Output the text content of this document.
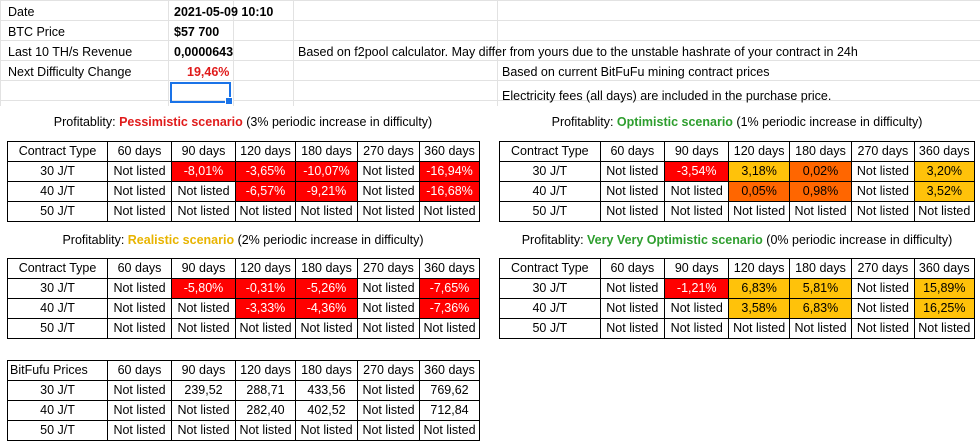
Date	2021-05-09 10:10
BTC Price	$57 700
Last 10 TH/s Revenue	0,0000643	Based on f2pool calculator. May differ from yours due to the unstable hashrate of your contract in 24h
Next Difficulty Change	19,46%	Based on current BitFuFu mining contract prices
Electricity fees (all days) are included in the purchase price.
Profitablity: Pessimistic scenario (3% periodic increase in difficulty)	Profitablity: Optimistic scenario (1% periodic increase in difficulty)
Profitablity: Realistic scenario (2% periodic increase in difficulty)	Profitablity: Very Very Optimistic scenario (0% periodic increase in difficulty)
Contract Type	60 days	90 days	120 days	180 days	270 days	360 days
30 J/T	Not listed	-8,01%	-3,65%	-10,07%	Not listed	-16,94%
40 J/T	Not listed	Not listed	-6,57%	-9,21%	Not listed	-16,68%
50 J/T	Not listed	Not listed	Not listed	Not listed	Not listed	Not listed
Contract Type	60 days	90 days	120 days	180 days	270 days	360 days
30 J/T	Not listed	-3,54%	3,18%	0,02%	Not listed	3,20%
40 J/T	Not listed	Not listed	0,05%	0,98%	Not listed	3,52%
50 J/T	Not listed	Not listed	Not listed	Not listed	Not listed	Not listed
Contract Type	60 days	90 days	120 days	180 days	270 days	360 days
30 J/T	Not listed	-5,80%	-0,31%	-5,26%	Not listed	-7,65%
40 J/T	Not listed	Not listed	-3,33%	-4,36%	Not listed	-7,36%
50 J/T	Not listed	Not listed	Not listed	Not listed	Not listed	Not listed
Contract Type	60 days	90 days	120 days	180 days	270 days	360 days
30 J/T	Not listed	-1,21%	6,83%	5,81%	Not listed	15,89%
40 J/T	Not listed	Not listed	3,58%	6,83%	Not listed	16,25%
50 J/T	Not listed	Not listed	Not listed	Not listed	Not listed	Not listed
BitFufu Prices	60 days	90 days	120 days	180 days	270 days	360 days
30 J/T	Not listed	239,52	288,71	433,56	Not listed	769,62
40 J/T	Not listed	Not listed	282,40	402,52	Not listed	712,84
50 J/T	Not listed	Not listed	Not listed	Not listed	Not listed	Not listed
